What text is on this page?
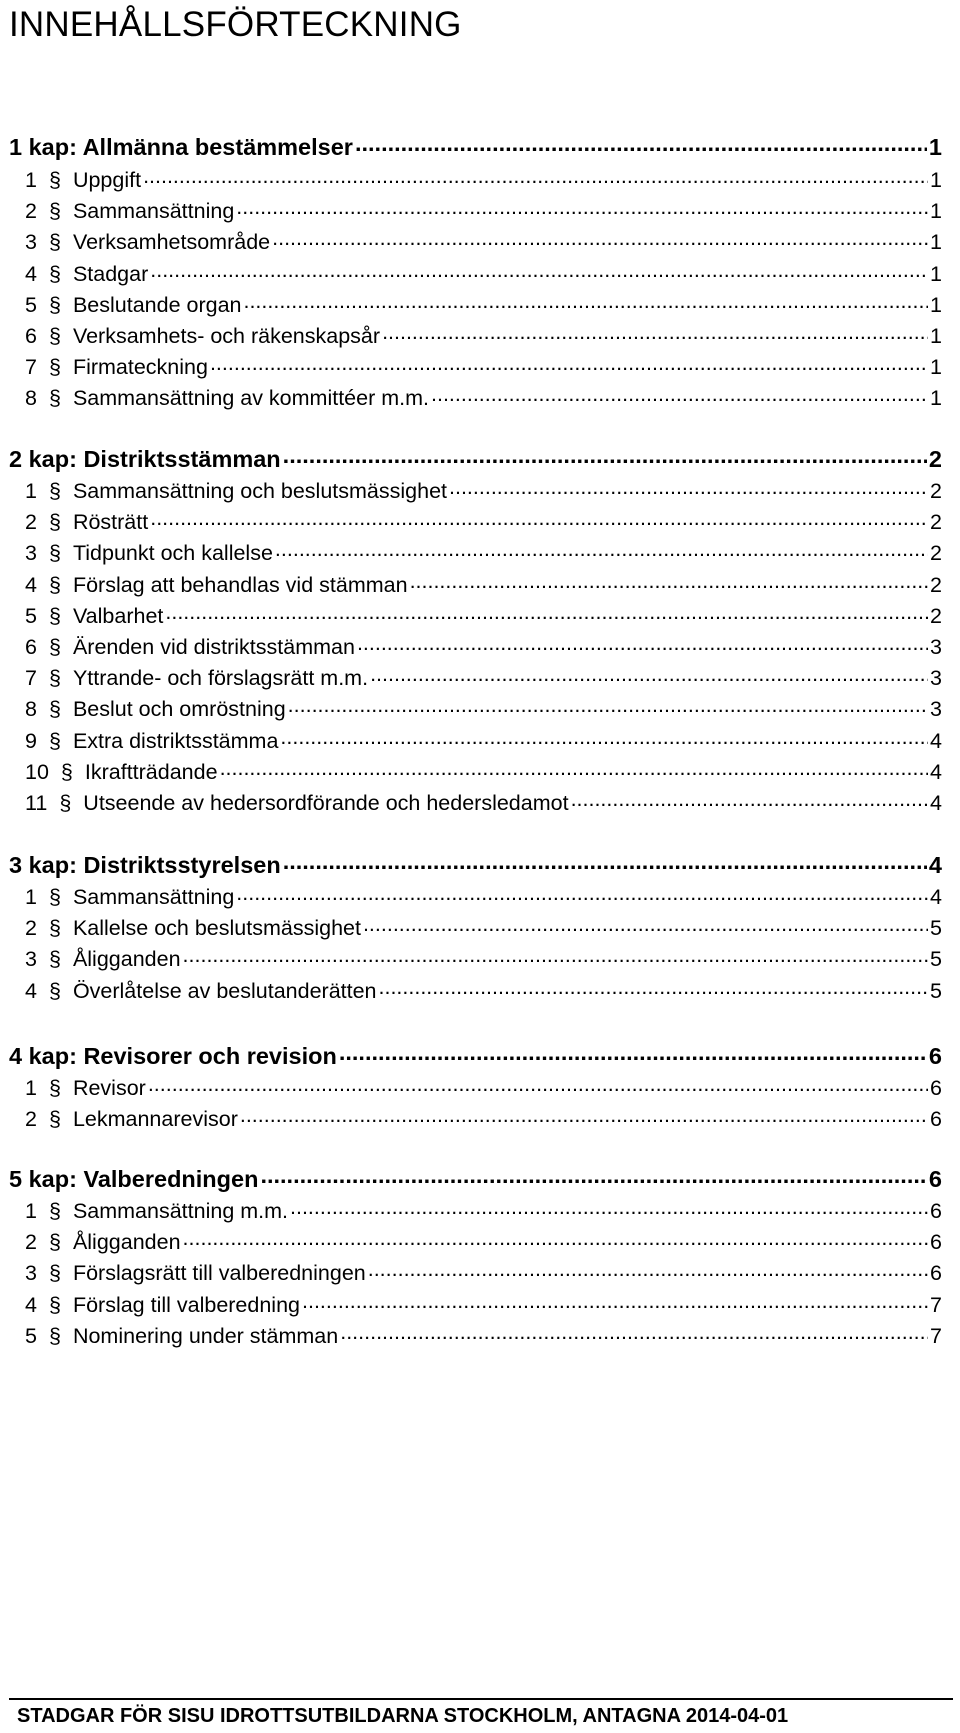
INNEHÅLLSFÖRTECKNING
1 kap: Allmänna bestämmelser .....	1
1 § Uppgift .....	1
2 § Sammansättning .....	1
3 § Verksamhetsområde .....	1
4 § Stadgar .....	1
5 § Beslutande organ .....	1
6 § Verksamhets- och räkenskapsår .....	1
7 § Firmateckning .....	1
8 § Sammansättning av kommittéer m.m. .....	1
2 kap: Distriktsstämman .....	2
1 § Sammansättning och beslutsmässighet .....	2
2 § Rösträtt .....	2
3 § Tidpunkt och kallelse .....	2
4 § Förslag att behandlas vid stämman .....	2
5 § Valbarhet .....	2
6 § Ärenden vid distriktsstämman .....	3
7 § Yttrande- och förslagsrätt m.m. .....	3
8 § Beslut och omröstning .....	3
9 § Extra distriktsstämma .....	4
10 § Ikraftträdande .....	4
11 § Utseende av hedersordförande och hedersledamot .....	4
3 kap: Distriktsstyrelsen .....	4
1 § Sammansättning .....	4
2 § Kallelse och beslutsmässighet .....	5
3 § Åligganden .....	5
4 § Överlåtelse av beslutanderätten .....	5
4 kap: Revisorer och revision .....	6
1 § Revisor .....	6
2 § Lekmannarevisor .....	6
5 kap: Valberedningen .....	6
1 § Sammansättning m.m. .....	6
2 § Åligganden .....	6
3 § Förslagsrätt till valberedningen .....	6
4 § Förslag till valberedning .....	7
5 § Nominering under stämman .....	7

STADGAR FÖR SISU IDROTTSUTBILDARNA STOCKHOLM, ANTAGNA 2014-04-01
